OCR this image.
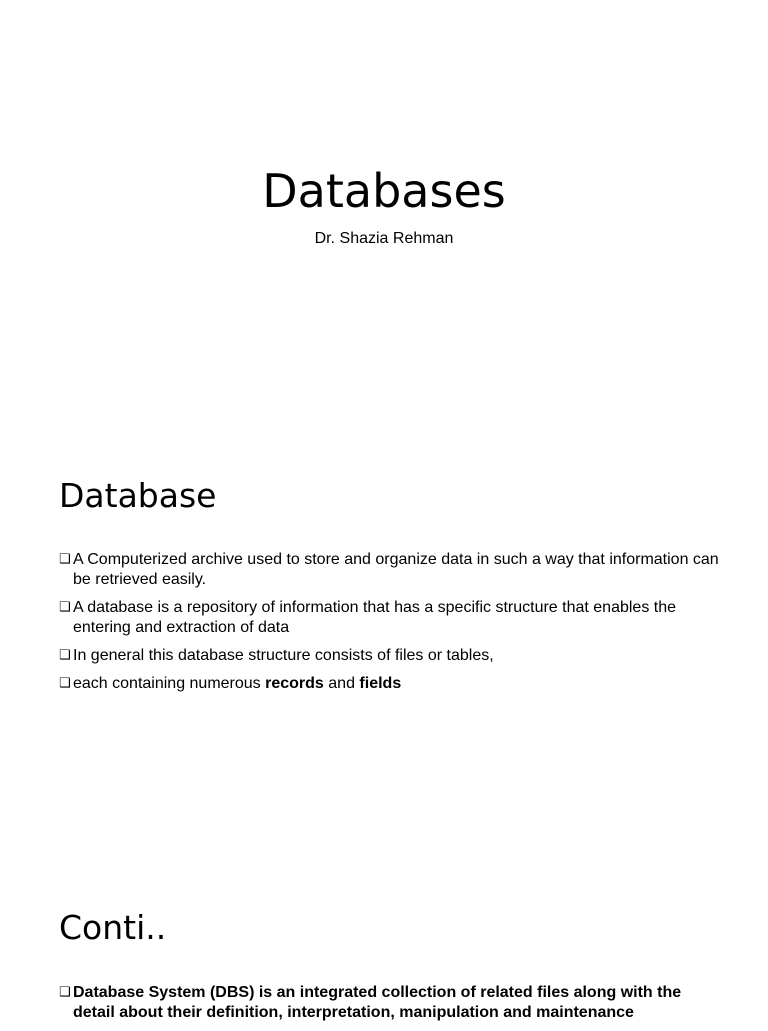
Databases
Dr. Shazia Rehman
Database
❑ A Computerized archive used to store and organize data in such a way that information can be retrieved easily.
❑ A database is a repository of information that has a specific structure that enables the entering and extraction of data
❑ In general this database structure consists of files or tables,
❑ each containing numerous records and fields
Conti..
❑ Database System (DBS) is an integrated collection of related files along with the detail about their definition, interpretation, manipulation and maintenance
